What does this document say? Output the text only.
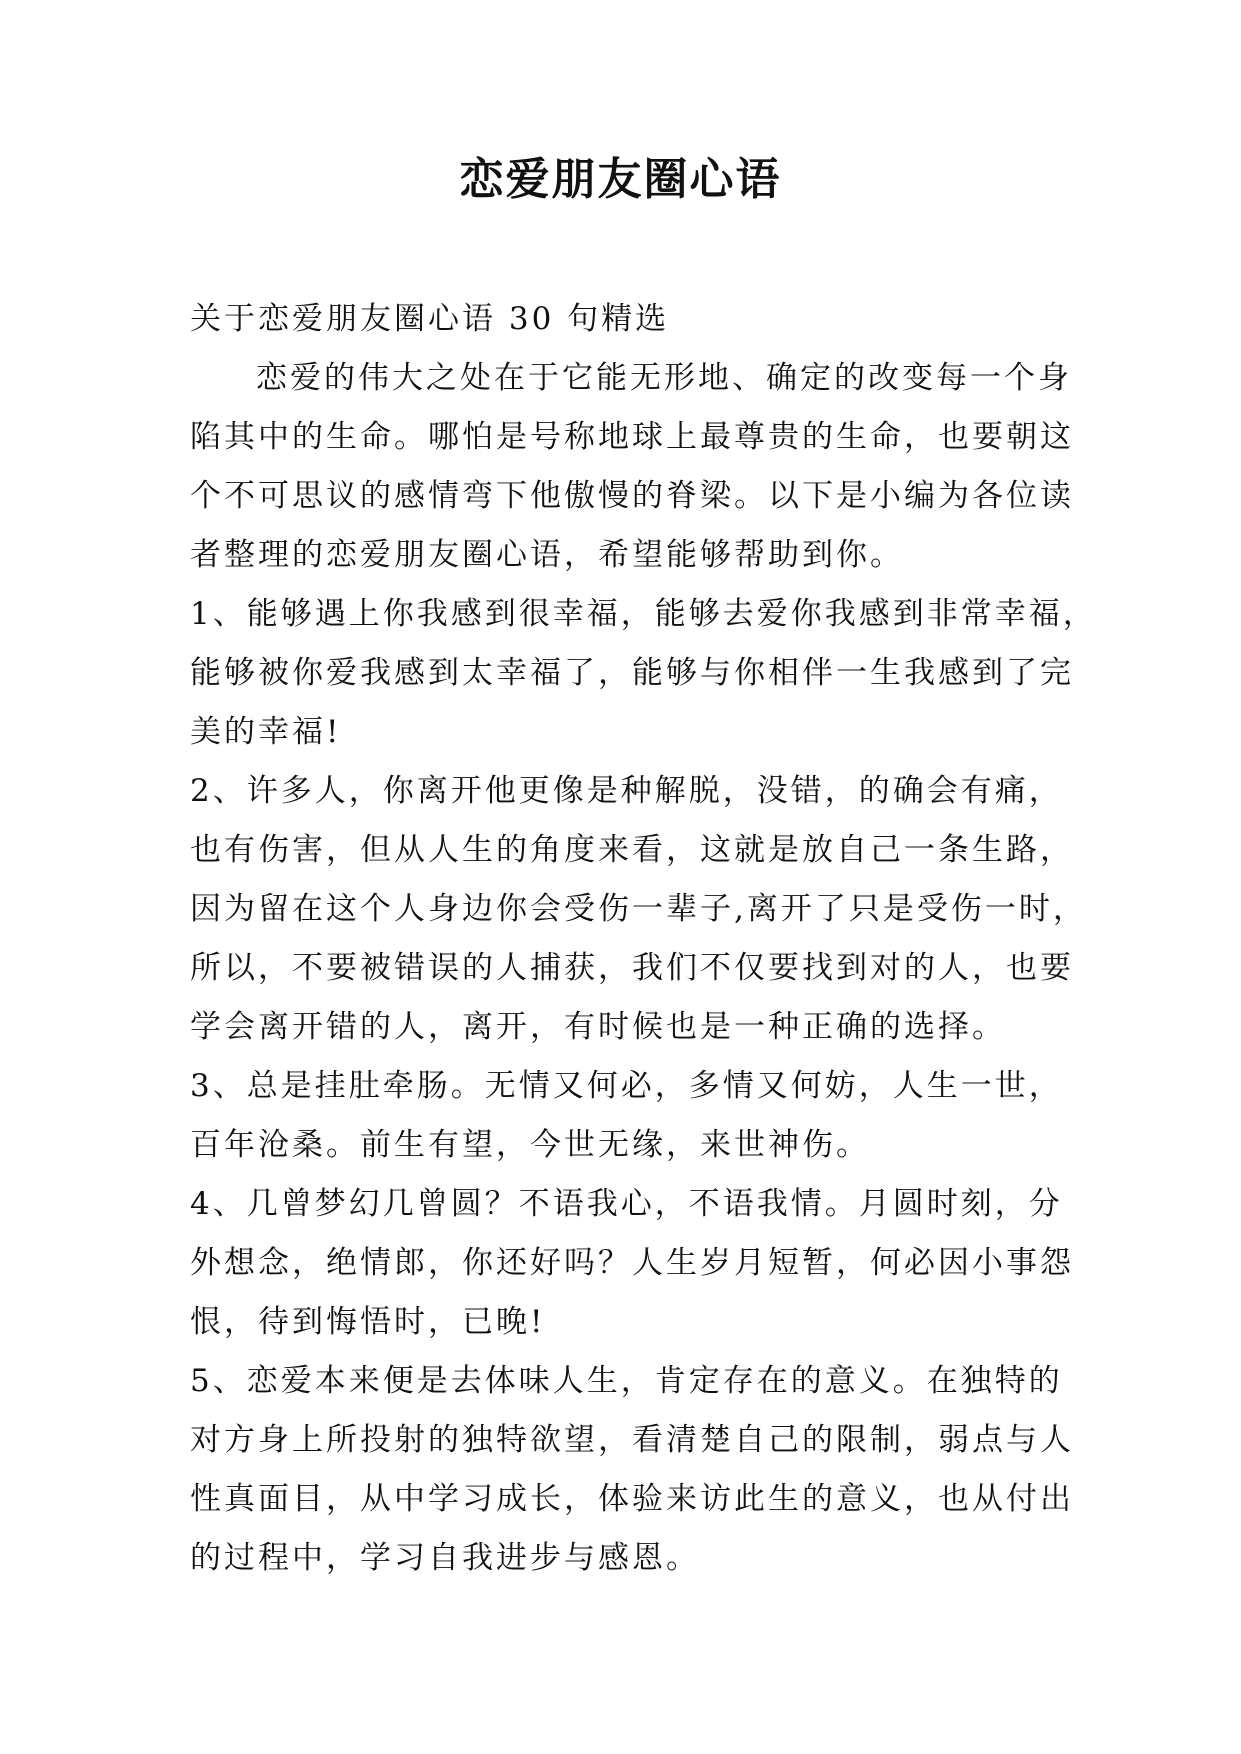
恋爱朋友圈心语
关于恋爱朋友圈心语 30 句精选
恋爱的伟大之处在于它能无形地、确定的改变每一个身
陷其中的生命。哪怕是号称地球上最尊贵的生命，也要朝这
个不可思议的感情弯下他傲慢的脊梁。以下是小编为各位读
者整理的恋爱朋友圈心语，希望能够帮助到你。
1、能够遇上你我感到很幸福，能够去爱你我感到非常幸福，
能够被你爱我感到太幸福了，能够与你相伴一生我感到了完
美的幸福!
2、许多人，你离开他更像是种解脱，没错，的确会有痛，
也有伤害，但从人生的角度来看，这就是放自己一条生路，
因为留在这个人身边你会受伤一辈子,离开了只是受伤一时，
所以，不要被错误的人捕获，我们不仅要找到对的人，也要
学会离开错的人，离开，有时候也是一种正确的选择。
3、总是挂肚牵肠。无情又何必，多情又何妨，人生一世，
百年沧桑。前生有望，今世无缘，来世神伤。
4、几曾梦幻几曾圆？不语我心，不语我情。月圆时刻，分
外想念，绝情郎，你还好吗？人生岁月短暂，何必因小事怨
恨，待到悔悟时，已晚!
5、恋爱本来便是去体味人生，肯定存在的意义。在独特的
对方身上所投射的独特欲望，看清楚自己的限制，弱点与人
性真面目，从中学习成长，体验来访此生的意义，也从付出
的过程中，学习自我进步与感恩。
